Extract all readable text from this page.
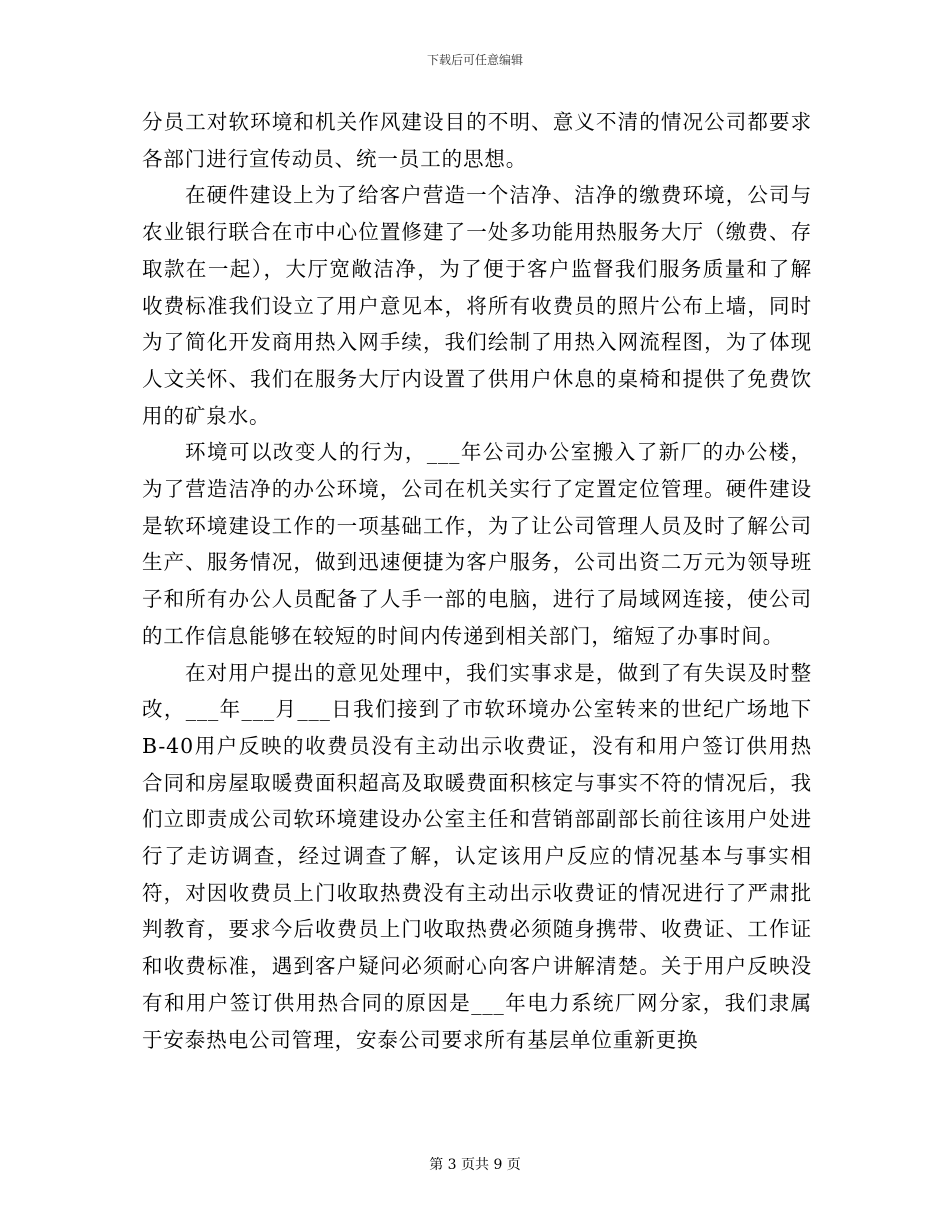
下载后可任意编辑

分员工对软环境和机关作风建设目的不明、意义不清的情况公司都要求各部门进行宣传动员、统一员工的思想。

在硬件建设上为了给客户营造一个洁净、洁净的缴费环境，公司与农业银行联合在市中心位置修建了一处多功能用热服务大厅（缴费、存取款在一起），大厅宽敞洁净，为了便于客户监督我们服务质量和了解收费标准我们设立了用户意见本，将所有收费员的照片公布上墙，同时为了简化开发商用热入网手续，我们绘制了用热入网流程图，为了体现人文关怀、我们在服务大厅内设置了供用户休息的桌椅和提供了免费饮用的矿泉水。

环境可以改变人的行为，___年公司办公室搬入了新厂的办公楼，为了营造洁净的办公环境，公司在机关实行了定置定位管理。硬件建设是软环境建设工作的一项基础工作，为了让公司管理人员及时了解公司生产、服务情况，做到迅速便捷为客户服务，公司出资二万元为领导班子和所有办公人员配备了人手一部的电脑，进行了局域网连接，使公司的工作信息能够在较短的时间内传递到相关部门，缩短了办事时间。

在对用户提出的意见处理中，我们实事求是，做到了有失误及时整改，___年___月___日我们接到了市软环境办公室转来的世纪广场地下B-40用户反映的收费员没有主动出示收费证，没有和用户签订供用热合同和房屋取暖费面积超高及取暖费面积核定与事实不符的情况后，我们立即责成公司软环境建设办公室主任和营销部副部长前往该用户处进行了走访调查，经过调查了解，认定该用户反应的情况基本与事实相符，对因收费员上门收取热费没有主动出示收费证的情况进行了严肃批判教育，要求今后收费员上门收取热费必须随身携带、收费证、工作证和收费标准，遇到客户疑问必须耐心向客户讲解清楚。关于用户反映没有和用户签订供用热合同的原因是___年电力系统厂网分家，我们隶属于安泰热电公司管理，安泰公司要求所有基层单位重新更换

第 3 页共 9 页
